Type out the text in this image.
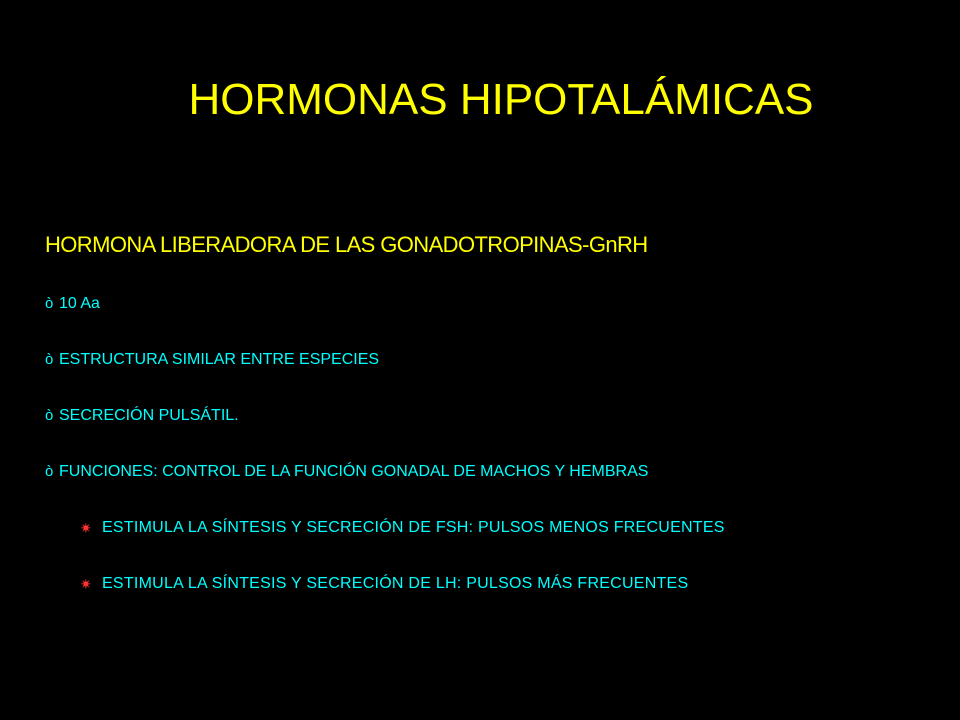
HORMONAS HIPOTALÁMICAS
HORMONA LIBERADORA DE LAS GONADOTROPINAS-GnRH
ò 10 Aa
ò ESTRUCTURA SIMILAR ENTRE ESPECIES
ò SECRECIÓN PULSÁTIL.
ò FUNCIONES: CONTROL DE LA FUNCIÓN GONADAL DE MACHOS Y HEMBRAS
✷ ESTIMULA LA SÍNTESIS Y SECRECIÓN DE FSH: PULSOS MENOS FRECUENTES
✷ ESTIMULA LA SÍNTESIS Y SECRECIÓN DE LH: PULSOS MÁS FRECUENTES
